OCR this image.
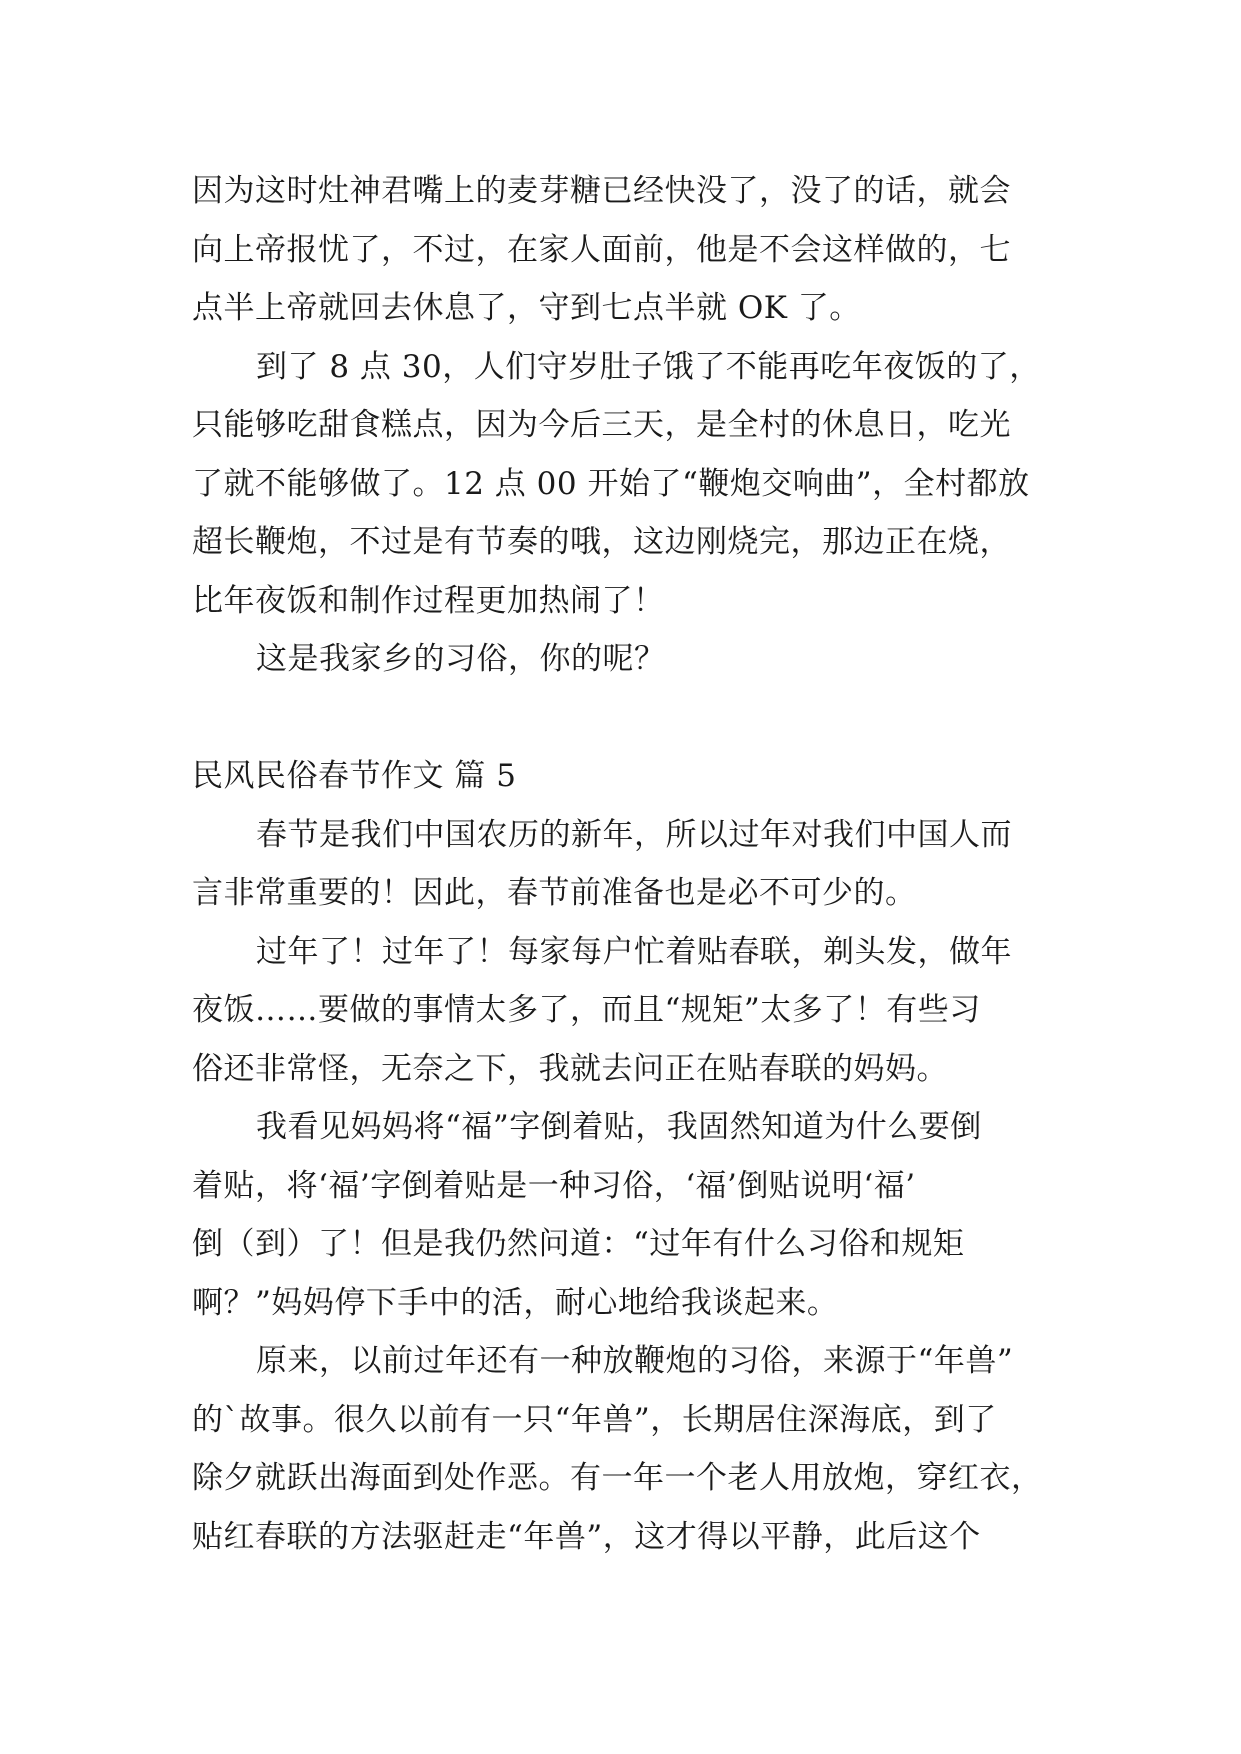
因为这时灶神君嘴上的麦芽糖已经快没了，没了的话，就会
向上帝报忧了，不过，在家人面前，他是不会这样做的，七
点半上帝就回去休息了，守到七点半就 OK 了。
到了 8 点 30，人们守岁肚子饿了不能再吃年夜饭的了，
只能够吃甜食糕点，因为今后三天，是全村的休息日，吃光
了就不能够做了。12 点 00 开始了“鞭炮交响曲”，全村都放
超长鞭炮，不过是有节奏的哦，这边刚烧完，那边正在烧，
比年夜饭和制作过程更加热闹了！
这是我家乡的习俗，你的呢？
民风民俗春节作文 篇 5
春节是我们中国农历的新年，所以过年对我们中国人而
言非常重要的！因此，春节前准备也是必不可少的。
过年了！过年了！每家每户忙着贴春联，剃头发，做年
夜饭……要做的事情太多了，而且“规矩”太多了！有些习
俗还非常怪，无奈之下，我就去问正在贴春联的妈妈。
我看见妈妈将“福”字倒着贴，我固然知道为什么要倒
着贴，将‘福’字倒着贴是一种习俗，‘福’倒贴说明‘福’
倒（到）了！但是我仍然问道：“过年有什么习俗和规矩
啊？”妈妈停下手中的活，耐心地给我谈起来。
原来，以前过年还有一种放鞭炮的习俗，来源于“年兽”
的`故事。很久以前有一只“年兽”，长期居住深海底，到了
除夕就跃出海面到处作恶。有一年一个老人用放炮，穿红衣，
贴红春联的方法驱赶走“年兽”，这才得以平静，此后这个
